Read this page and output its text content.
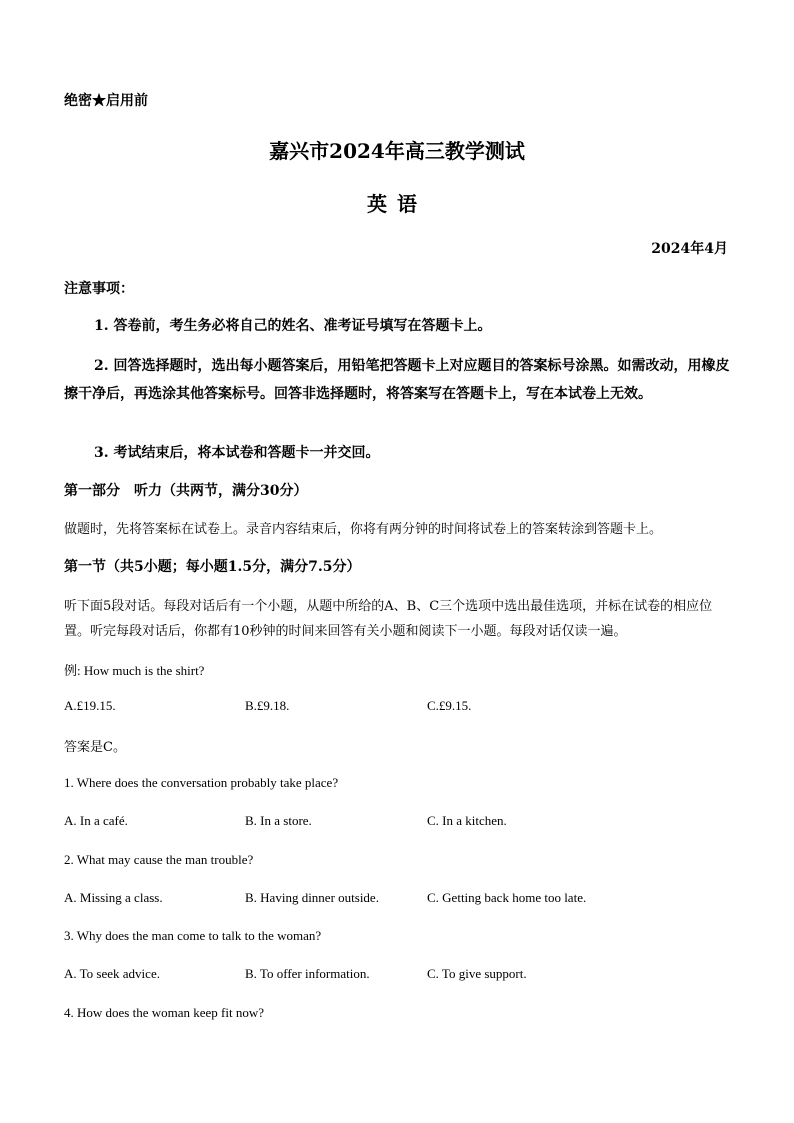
绝密★启用前
嘉兴市2024年高三教学测试
英语
2024年4月
注意事项：
1. 答卷前，考生务必将自己的姓名、准考证号填写在答题卡上。
2. 回答选择题时，选出每小题答案后，用铅笔把答题卡上对应题目的答案标号涂黑。如需改动，用橡皮擦干净后，再选涂其他答案标号。回答非选择题时，将答案写在答题卡上，写在本试卷上无效。
3. 考试结束后，将本试卷和答题卡一并交回。
第一部分　听力（共两节，满分30分）
做题时，先将答案标在试卷上。录音内容结束后，你将有两分钟的时间将试卷上的答案转涂到答题卡上。
第一节（共5小题；每小题1.5分，满分7.5分）
听下面5段对话。每段对话后有一个小题，从题中所给的A、B、C三个选项中选出最佳选项，并标在试卷的相应位置。听完每段对话后，你都有10秒钟的时间来回答有关小题和阅读下一小题。每段对话仅读一遍。
例: How much is the shirt?
A.£19.15.	B.£9.18.	C.£9.15.
答案是C。
1. Where does the conversation probably take place?
A. In a café.	B. In a store.	C. In a kitchen.
2. What may cause the man trouble?
A. Missing a class.	B. Having dinner outside.	C. Getting back home too late.
3. Why does the man come to talk to the woman?
A. To seek advice.	B. To offer information.	C. To give support.
4. How does the woman keep fit now?
